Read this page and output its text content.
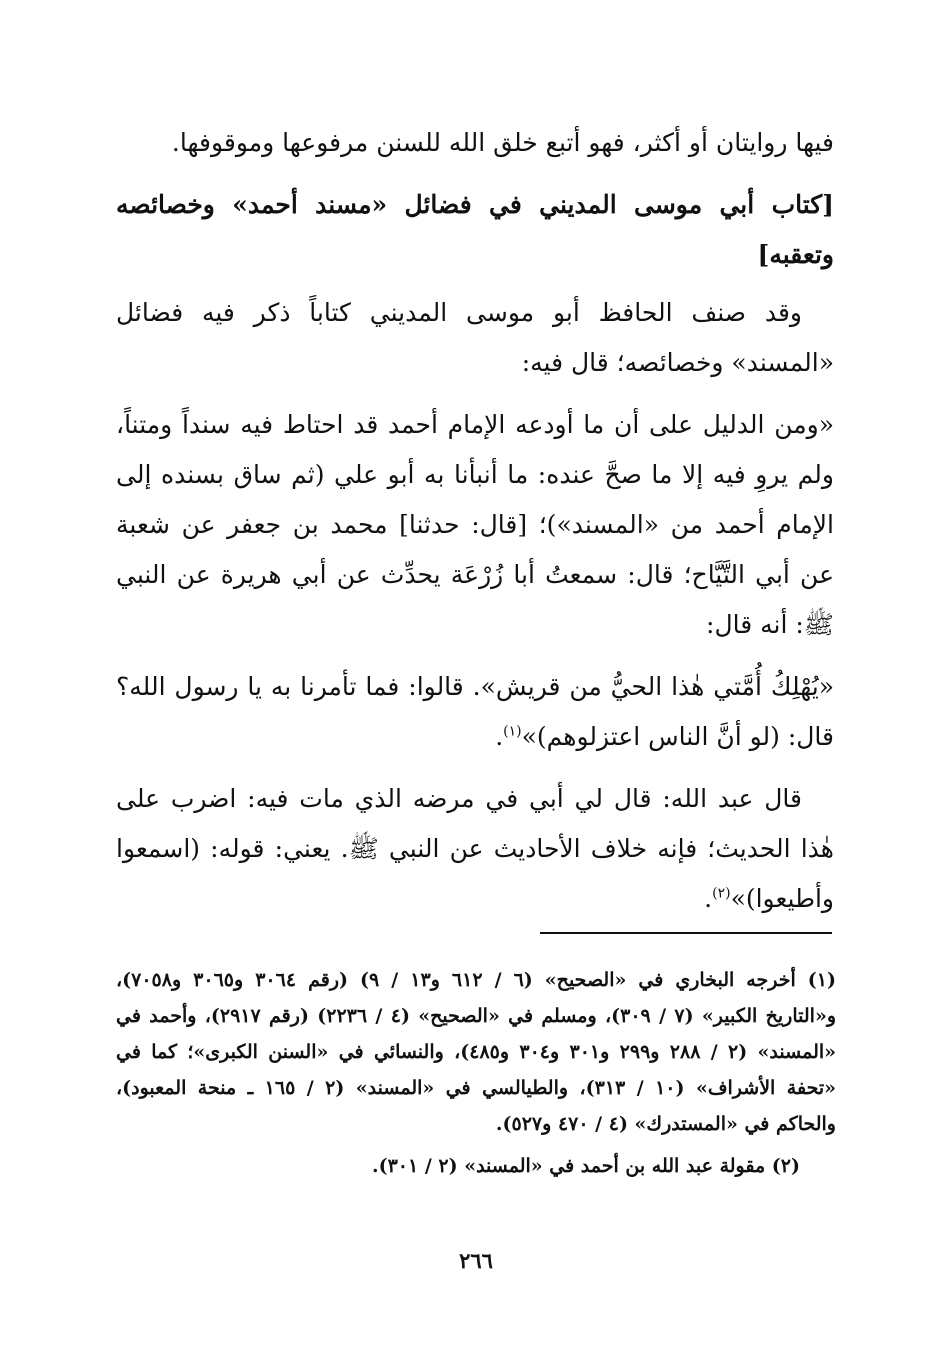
فيها روايتان أو أكثر، فهو أتبع خلق الله للسنن مرفوعها وموقوفها.

[كتاب أبي موسى المديني في فضائل «مسند أحمد» وخصائصه وتعقبه]

وقد صنف الحافظ أبو موسى المديني كتاباً ذكر فيه فضائل «المسند» وخصائصه؛ قال فيه:

«ومن الدليل على أن ما أودعه الإمام أحمد قد احتاط فيه سنداً ومتناً، ولم يروِ فيه إلا ما صحَّ عنده: ما أنبأنا به أبو علي (ثم ساق بسنده إلى الإمام أحمد من «المسند»)؛ [قال: حدثنا] محمد بن جعفر عن شعبة عن أبي التَّيَّاح؛ قال: سمعتُ أبا زُرْعَة يحدِّث عن أبي هريرة عن النبي ﷺ: أنه قال:

«يُهْلِكُ أُمَّتي هٰذا الحيُّ من قريش». قالوا: فما تأمرنا به يا رسول الله؟ قال: (لو أنَّ الناس اعتزلوهم)»$^{(١)}$.

قال عبد الله: قال لي أبي في مرضه الذي مات فيه: اضرب على هٰذا الحديث؛ فإنه خلاف الأحاديث عن النبي ﷺ. يعني: قوله: (اسمعوا وأطيعوا)»$^{(٢)}$.

(١) أخرجه البخاري في «الصحيح» (٦ / ٦١٢ و١٣ / ٩) (رقم ٣٠٦٤ و٣٠٦٥ و٧٠٥٨)، و«التاريخ الكبير» (٧ / ٣٠٩)، ومسلم في «الصحيح» (٤ / ٢٢٣٦) (رقم ٢٩١٧)، وأحمد في «المسند» (٢ / ٢٨٨ و٢٩٩ و٣٠١ و٣٠٤ و٤٨٥)، والنسائي في «السنن الكبرى»؛ كما في «تحفة الأشراف» (١٠ / ٣١٣)، والطيالسي في «المسند» (٢ / ١٦٥ ـ منحة المعبود)، والحاكم في «المستدرك» (٤ / ٤٧٠ و٥٢٧).

(٢) مقولة عبد الله بن أحمد في «المسند» (٢ / ٣٠١).

٢٦٦
